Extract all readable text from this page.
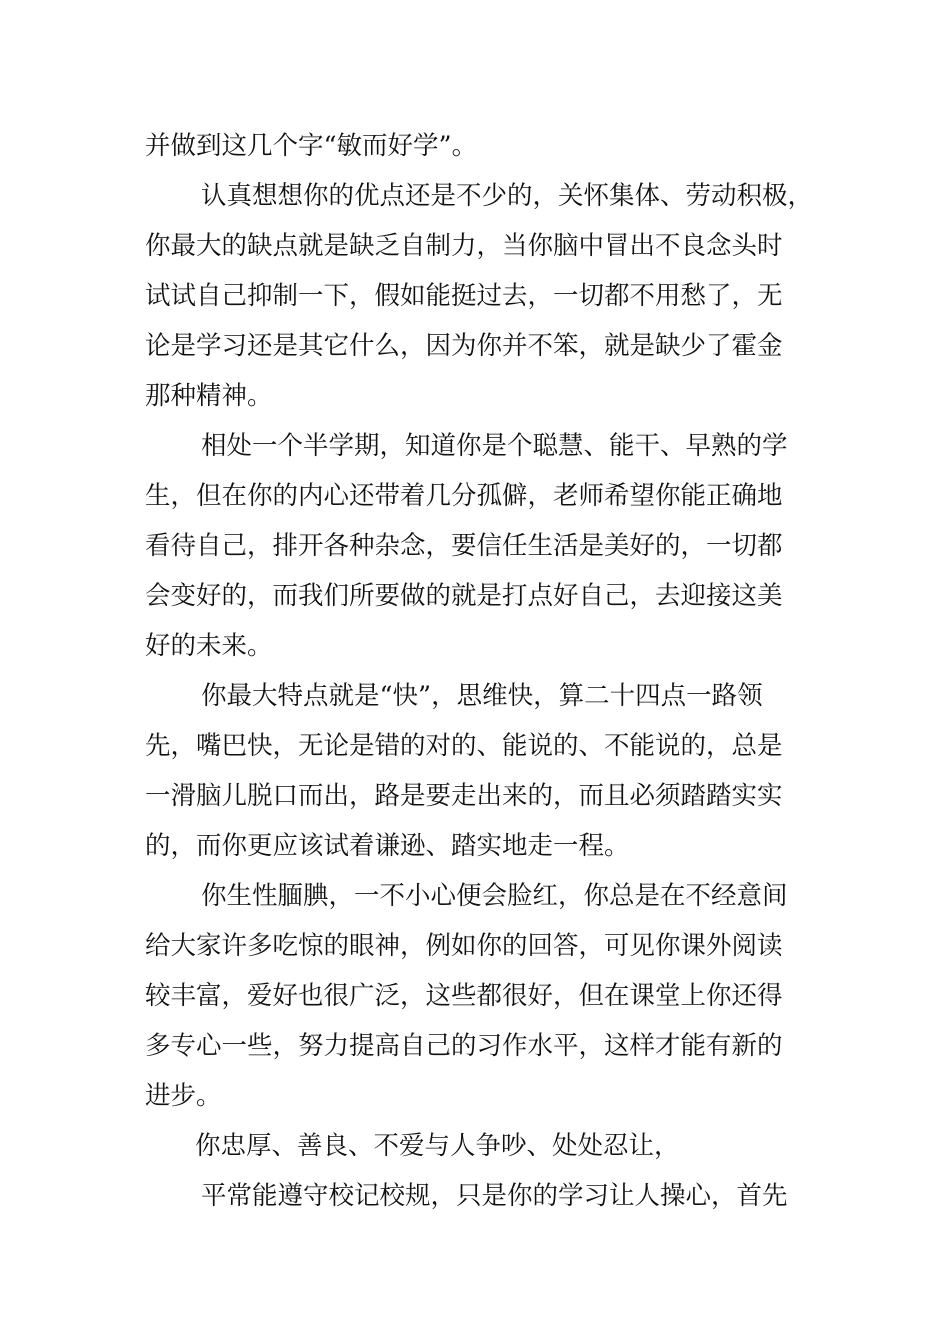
并做到这几个字“敏而好学”。
认真想想你的优点还是不少的，关怀集体、劳动积极，
你最大的缺点就是缺乏自制力，当你脑中冒出不良念头时
试试自己抑制一下，假如能挺过去，一切都不用愁了，无
论是学习还是其它什么，因为你并不笨，就是缺少了霍金
那种精神。
相处一个半学期，知道你是个聪慧、能干、早熟的学
生，但在你的内心还带着几分孤僻，老师希望你能正确地
看待自己，排开各种杂念，要信任生活是美好的，一切都
会变好的，而我们所要做的就是打点好自己，去迎接这美
好的未来。
你最大特点就是“快”，思维快，算二十四点一路领
先，嘴巴快，无论是错的对的、能说的、不能说的，总是
一滑脑儿脱口而出，路是要走出来的，而且必须踏踏实实
的，而你更应该试着谦逊、踏实地走一程。
你生性腼腆，一不小心便会脸红，你总是在不经意间
给大家许多吃惊的眼神，例如你的回答，可见你课外阅读
较丰富，爱好也很广泛，这些都很好，但在课堂上你还得
多专心一些，努力提高自己的习作水平，这样才能有新的
进步。
你忠厚、善良、不爱与人争吵、处处忍让，
平常能遵守校记校规，只是你的学习让人操心，首先
